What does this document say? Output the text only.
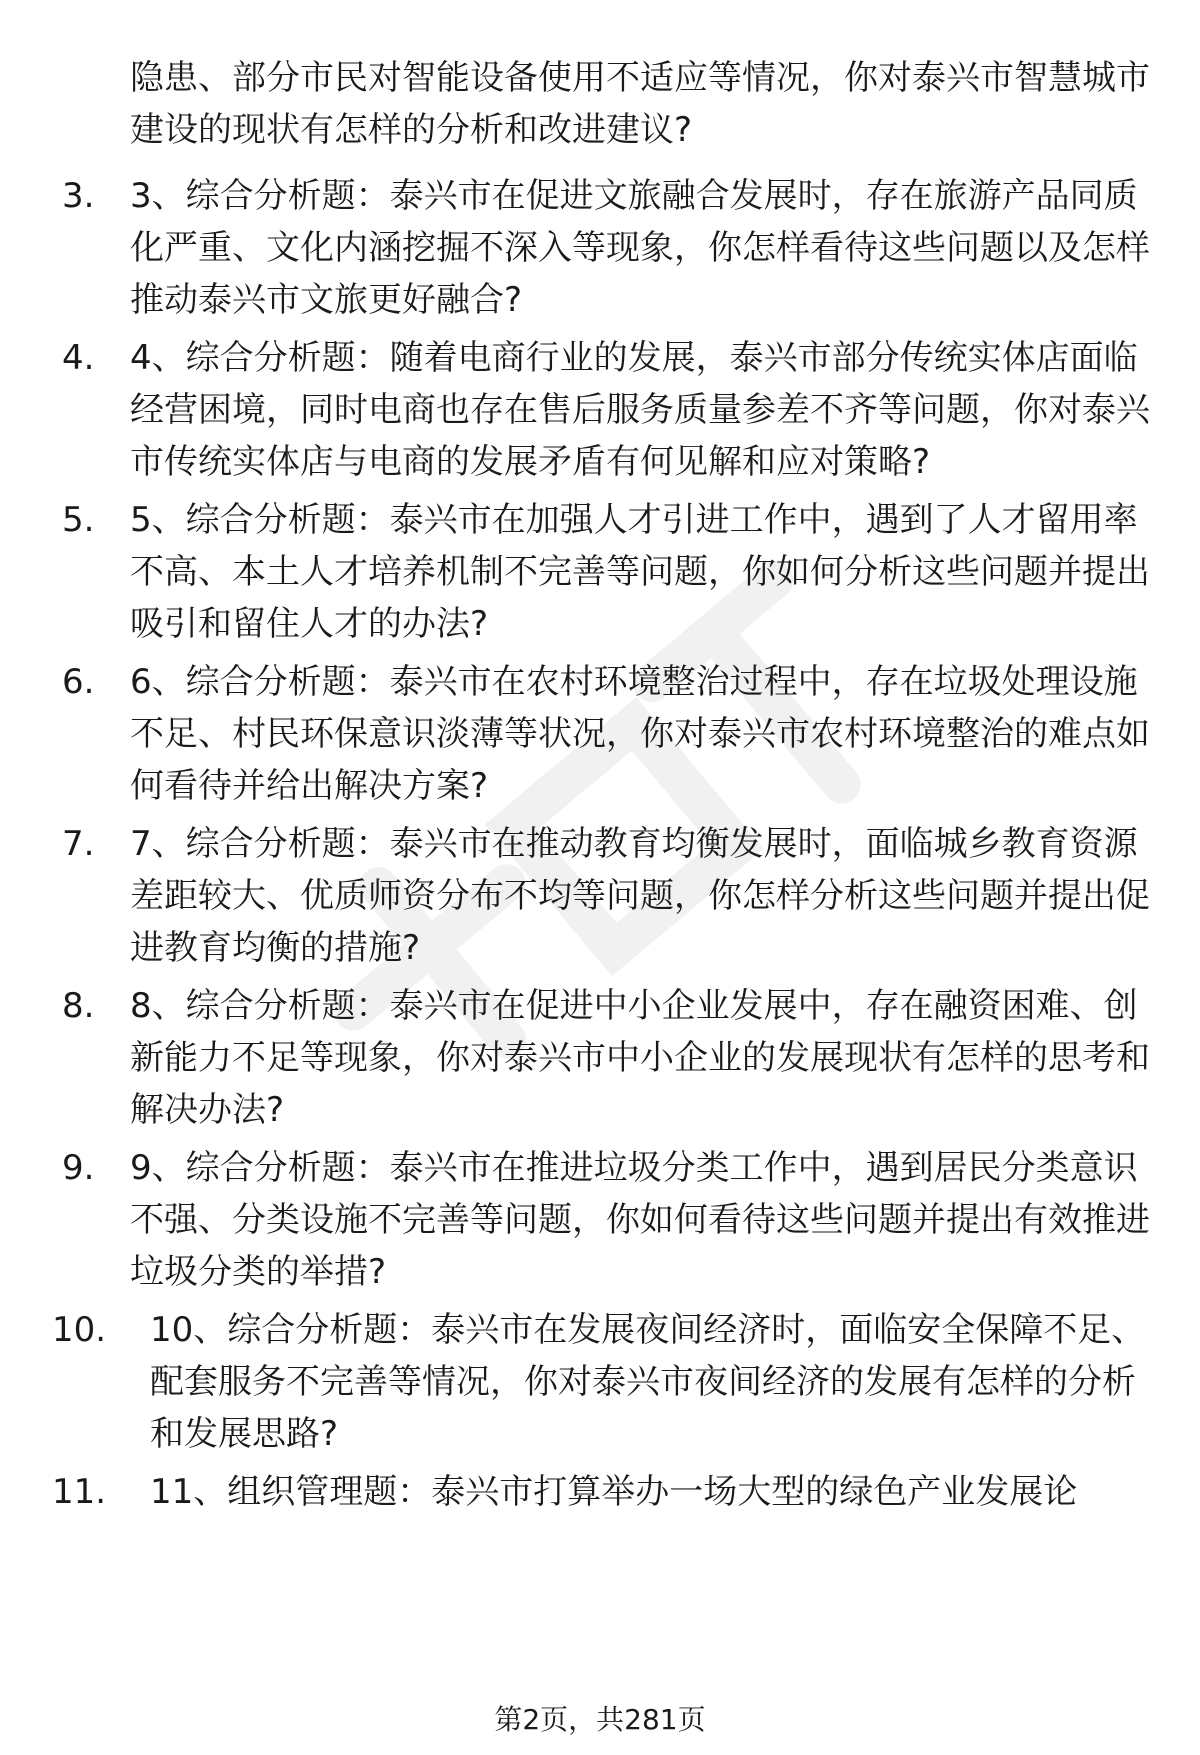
隐患、部分市民对智能设备使用不适应等情况，你对泰兴市智慧城市建设的现状有怎样的分析和改进建议?

3. 3、综合分析题：泰兴市在促进文旅融合发展时，存在旅游产品同质化严重、文化内涵挖掘不深入等现象，你怎样看待这些问题以及怎样推动泰兴市文旅更好融合?

4. 4、综合分析题：随着电商行业的发展，泰兴市部分传统实体店面临经营困境，同时电商也存在售后服务质量参差不齐等问题，你对泰兴市传统实体店与电商的发展矛盾有何见解和应对策略?

5. 5、综合分析题：泰兴市在加强人才引进工作中，遇到了人才留用率不高、本土人才培养机制不完善等问题，你如何分析这些问题并提出吸引和留住人才的办法?

6. 6、综合分析题：泰兴市在农村环境整治过程中，存在垃圾处理设施不足、村民环保意识淡薄等状况，你对泰兴市农村环境整治的难点如何看待并给出解决方案?

7. 7、综合分析题：泰兴市在推动教育均衡发展时，面临城乡教育资源差距较大、优质师资分布不均等问题，你怎样分析这些问题并提出促进教育均衡的措施?

8. 8、综合分析题：泰兴市在促进中小企业发展中，存在融资困难、创新能力不足等现象，你对泰兴市中小企业的发展现状有怎样的思考和解决办法?

9. 9、综合分析题：泰兴市在推进垃圾分类工作中，遇到居民分类意识不强、分类设施不完善等问题，你如何看待这些问题并提出有效推进垃圾分类的举措?

10. 10、综合分析题：泰兴市在发展夜间经济时，面临安全保障不足、配套服务不完善等情况，你对泰兴市夜间经济的发展有怎样的分析和发展思路?

11. 11、组织管理题：泰兴市打算举办一场大型的绿色产业发展论

第2页，共281页
